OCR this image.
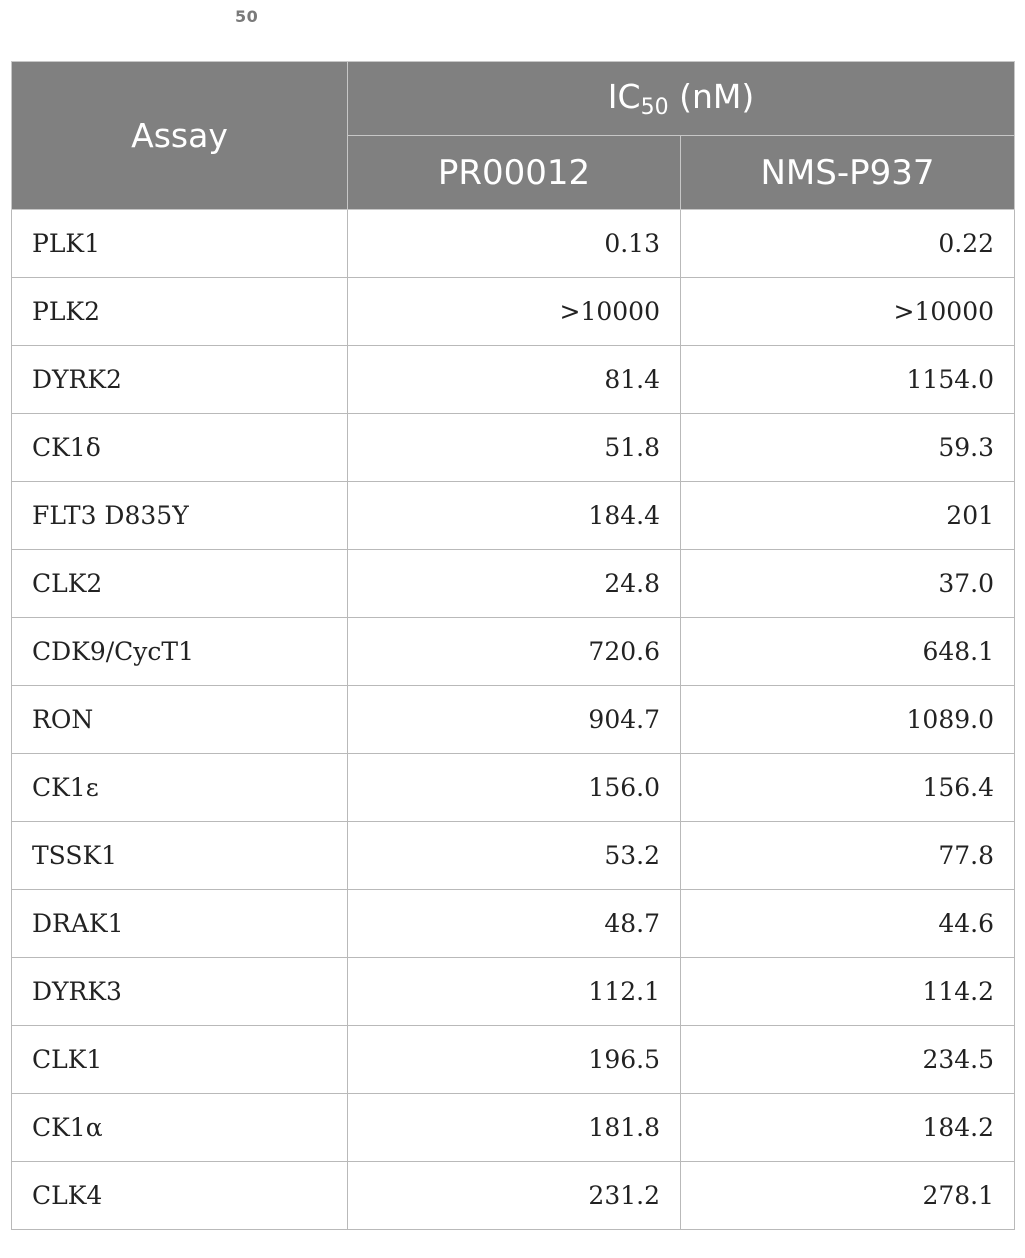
50
Assay	$IC_{50}$ (nM)	
	PR00012	NMS-P937
PLK1	0.13	0.22
PLK2	>10000	>10000
DYRK2	81.4	1154.0
CK1δ	51.8	59.3
FLT3 D835Y	184.4	201
CLK2	24.8	37.0
CDK9/CycT1	720.6	648.1
RON	904.7	1089.0
CK1ε	156.0	156.4
TSSK1	53.2	77.8
DRAK1	48.7	44.6
DYRK3	112.1	114.2
CLK1	196.5	234.5
CK1α	181.8	184.2
CLK4	231.2	278.1
